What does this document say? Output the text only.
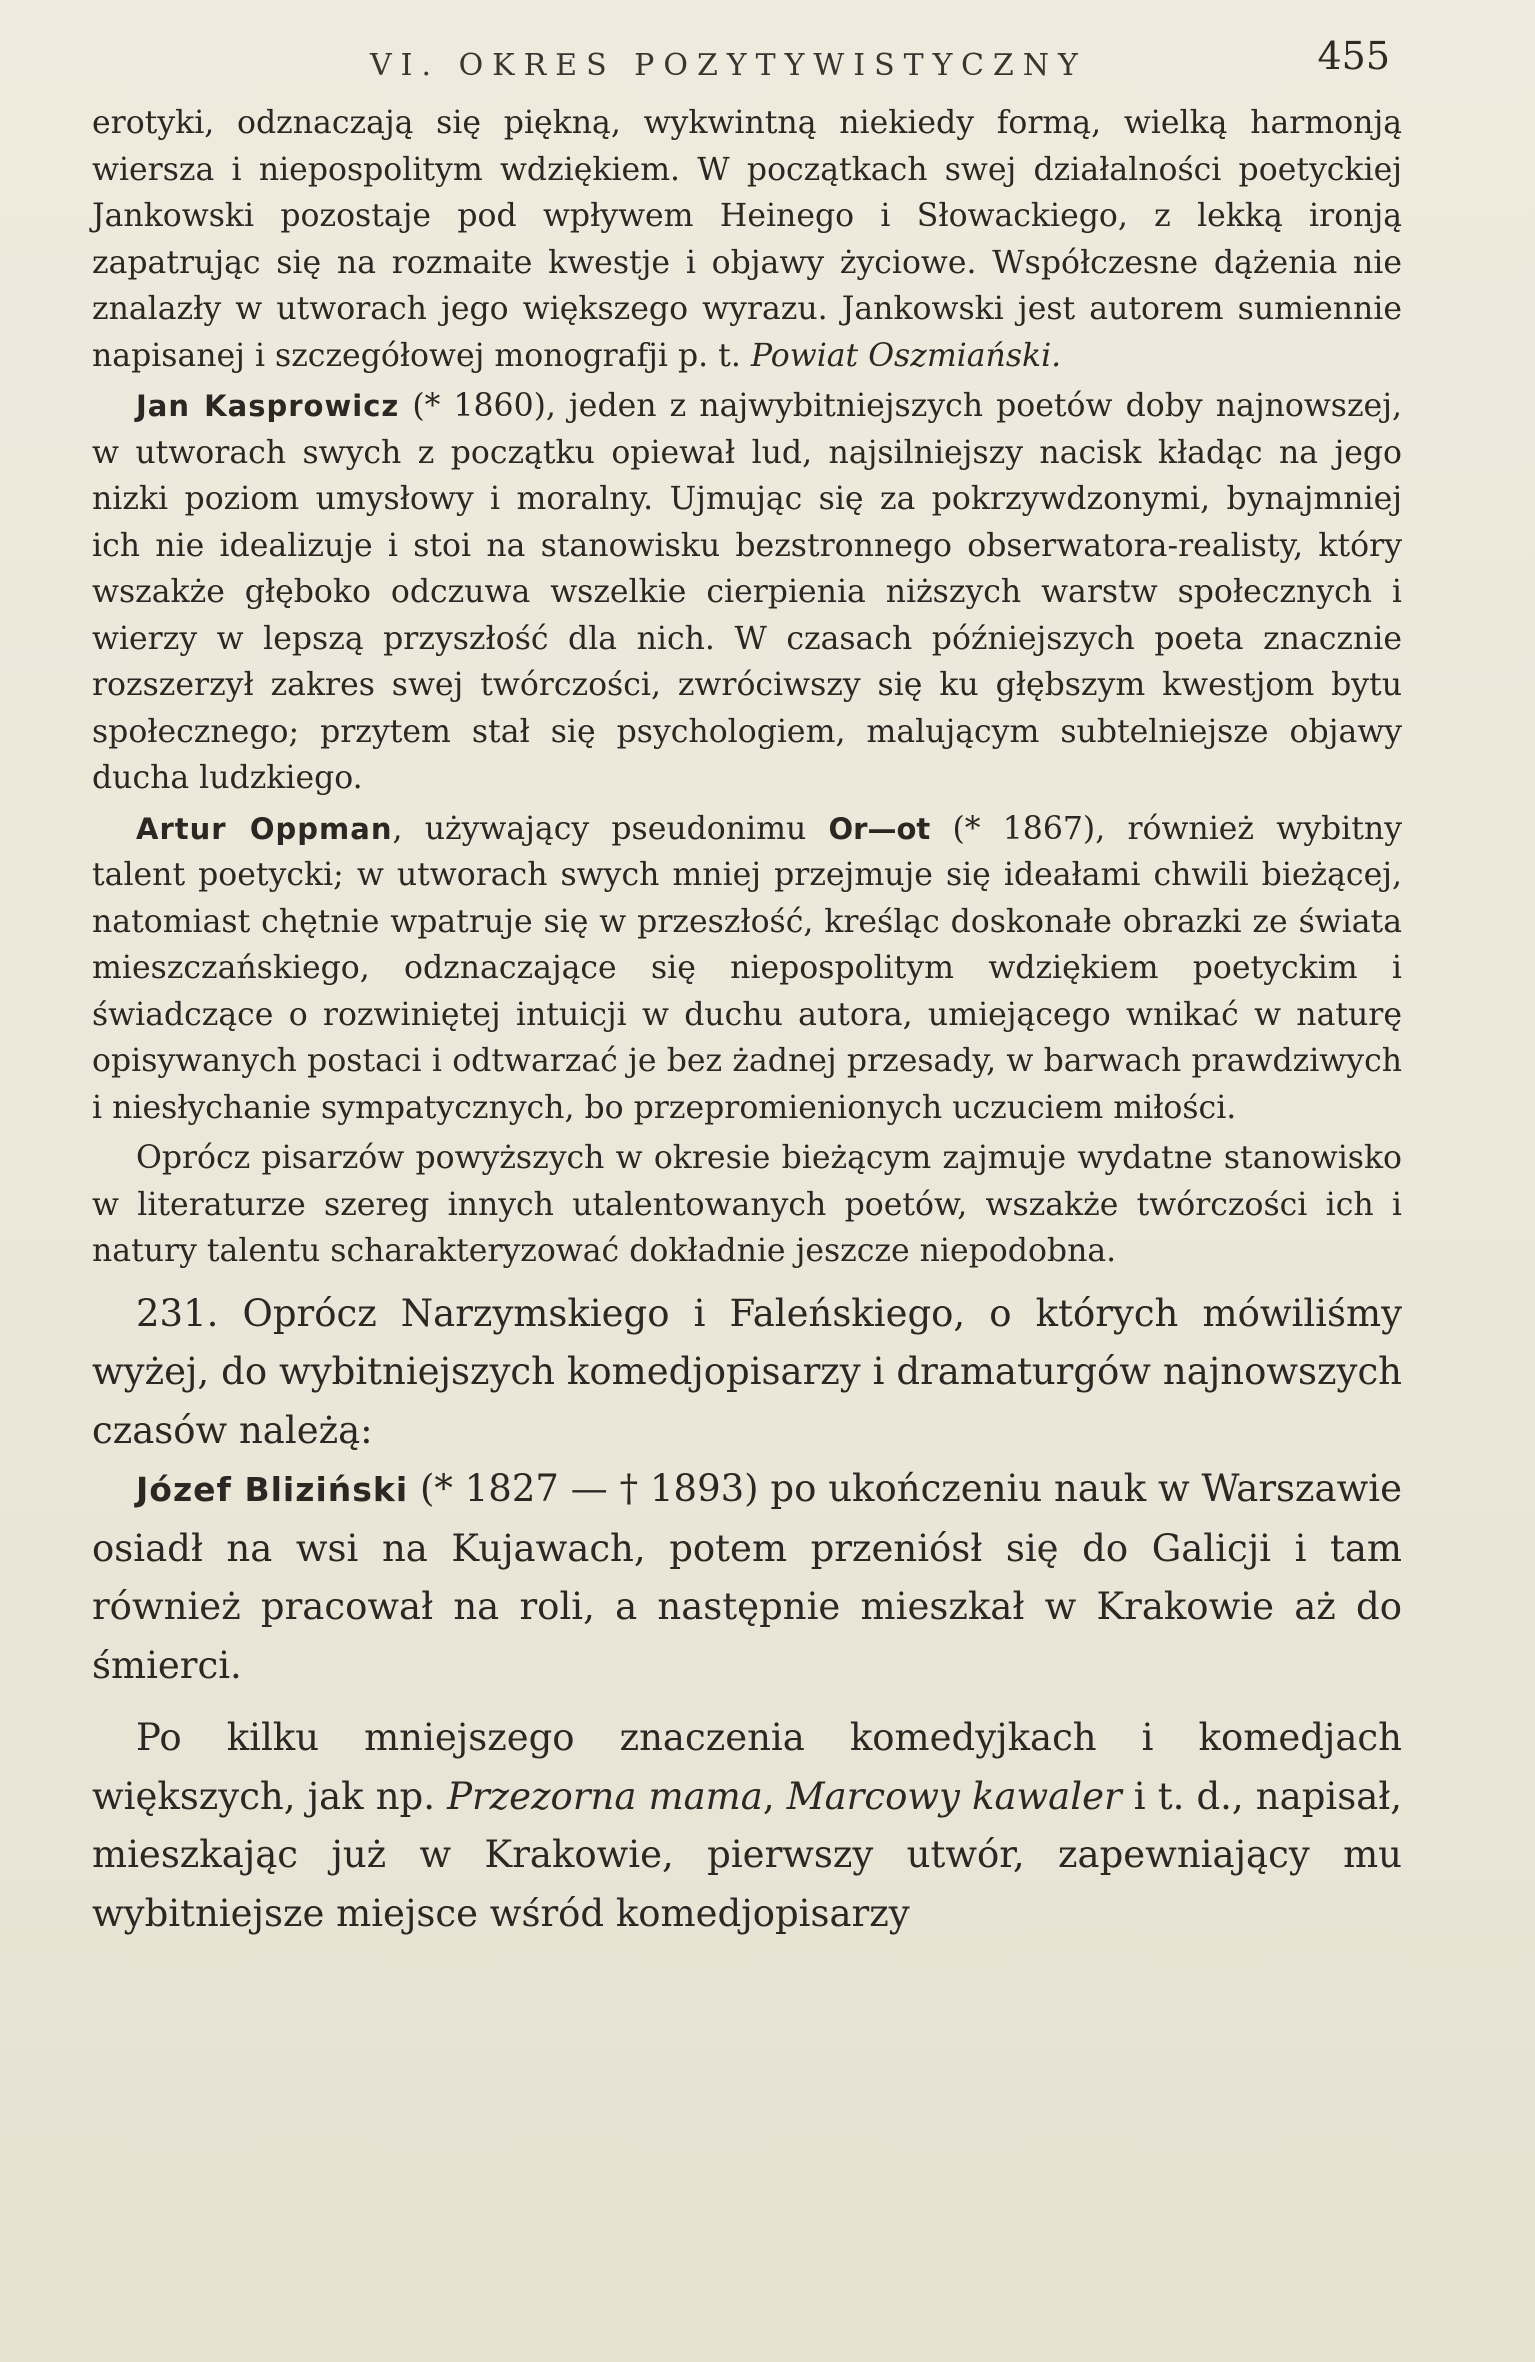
VI. OKRES POZYTYWISTYCZNY	455

erotyki, odznaczają się piękną, wykwintną niekiedy formą, wielką harmonją wiersza i niepospolitym wdziękiem. W początkach swej działalności poetyckiej Jankowski pozostaje pod wpływem Heinego i Słowackiego, z lekką ironją zapatrując się na rozmaite kwestje i objawy życiowe. Współczesne dążenia nie znalazły w utworach jego większego wyrazu. Jankowski jest autorem sumiennie napisanej i szczegółowej monografji p. t. Powiat Oszmiański.

Jan Kasprowicz (* 1860), jeden z najwybitniejszych poetów doby najnowszej, w utworach swych z początku opiewał lud, najsilniejszy nacisk kładąc na jego nizki poziom umysłowy i moralny. Ujmując się za pokrzywdzonymi, bynajmniej ich nie idealizuje i stoi na stanowisku bezstronnego obserwatora-realisty, który wszakże głęboko odczuwa wszelkie cierpienia niższych warstw społecznych i wierzy w lepszą przyszłość dla nich. W czasach późniejszych poeta znacznie rozszerzył zakres swej twórczości, zwróciwszy się ku głębszym kwestjom bytu społecznego; przytem stał się psychologiem, malującym subtelniejsze objawy ducha ludzkiego.

Artur Oppman, używający pseudonimu Or—ot (* 1867), również wybitny talent poetycki; w utworach swych mniej przejmuje się ideałami chwili bieżącej, natomiast chętnie wpatruje się w przeszłość, kreśląc doskonałe obrazki ze świata mieszczańskiego, odznaczające się niepospolitym wdziękiem poetyckim i świadczące o rozwiniętej intuicji w duchu autora, umiejącego wnikać w naturę opisywanych postaci i odtwarzać je bez żadnej przesady, w barwach prawdziwych i niesłychanie sympatycznych, bo przepromienionych uczuciem miłości.

Oprócz pisarzów powyższych w okresie bieżącym zajmuje wydatne stanowisko w literaturze szereg innych utalentowanych poetów, wszakże twórczości ich i natury talentu scharakteryzować dokładnie jeszcze niepodobna.

231. Oprócz Narzymskiego i Faleńskiego, o których mówiliśmy wyżej, do wybitniejszych komedjopisarzy i dramaturgów najnowszych czasów należą:

Józef Bliziński (* 1827 — † 1893) po ukończeniu nauk w Warszawie osiadł na wsi na Kujawach, potem przeniósł się do Galicji i tam również pracował na roli, a następnie mieszkał w Krakowie aż do śmierci.

Po kilku mniejszego znaczenia komedyjkach i komedjach większych, jak np. Przezorna mama, Marcowy kawaler i t. d., napisał, mieszkając już w Krakowie, pierwszy utwór, zapewniający mu wybitniejsze miejsce wśród komedjopisarzy
